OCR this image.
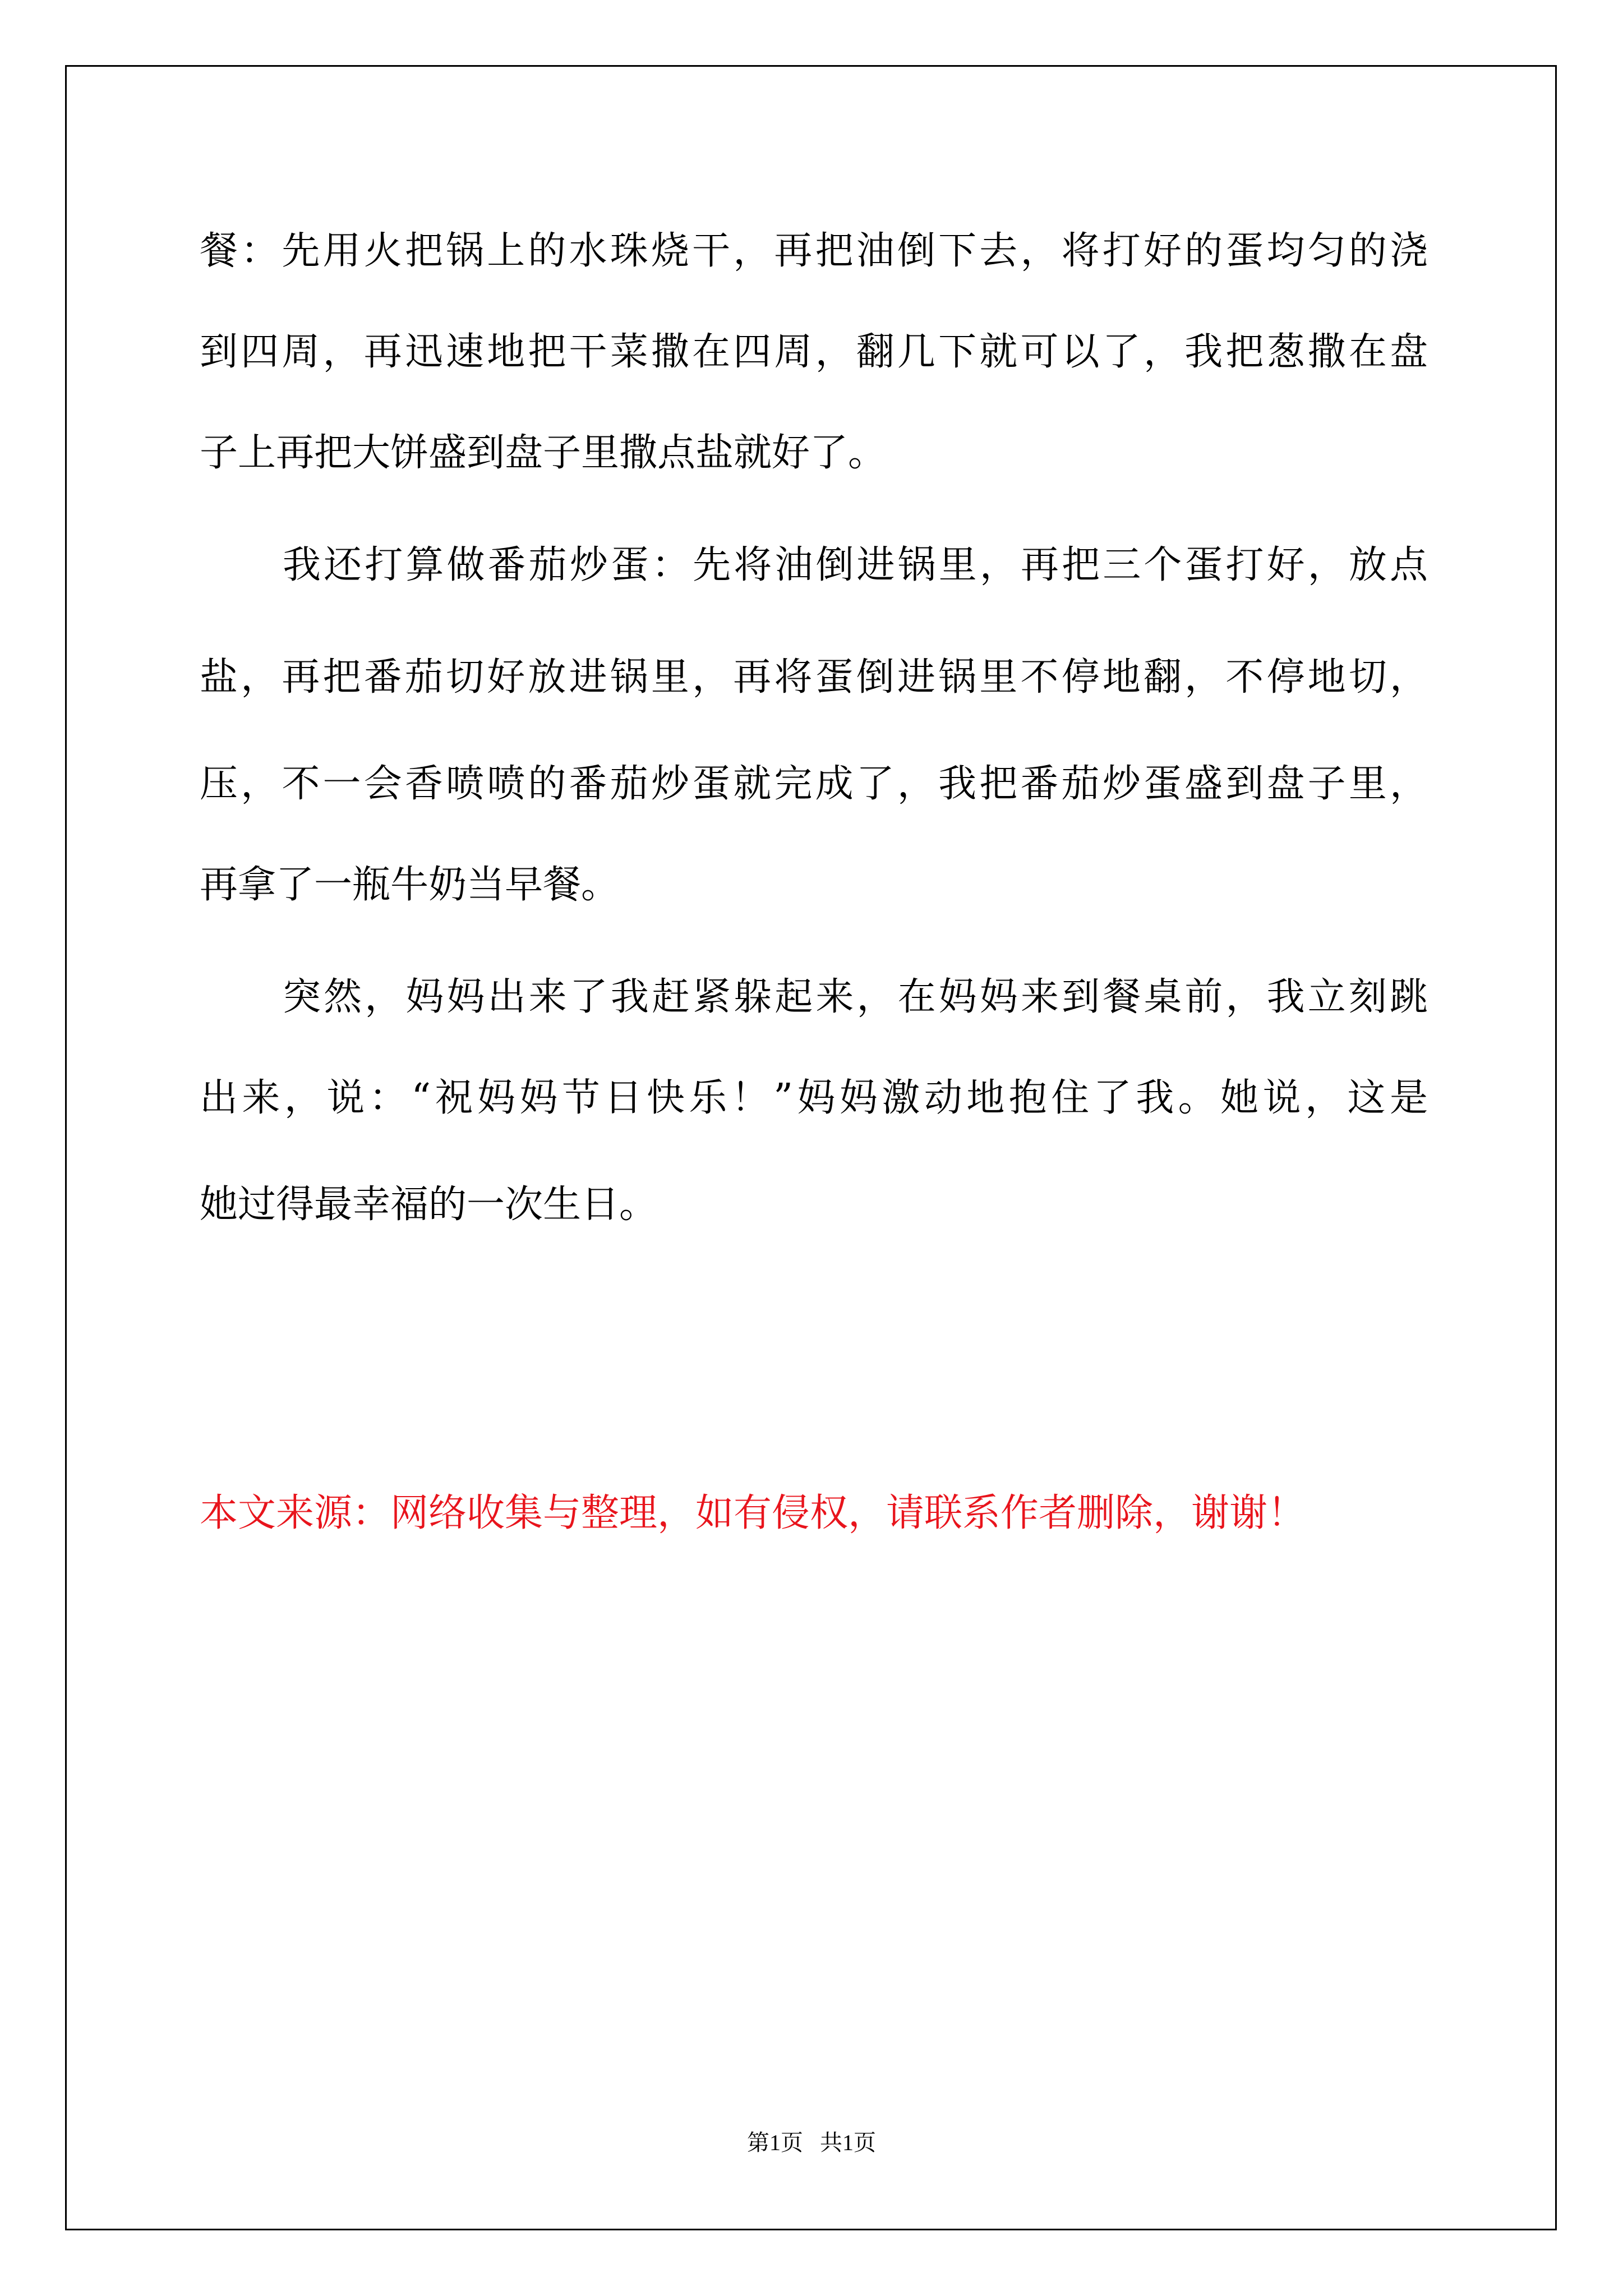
餐：先用火把锅上的水珠烧干，再把油倒下去，将打好的蛋均匀的浇
到四周，再迅速地把干菜撒在四周，翻几下就可以了，我把葱撒在盘
子上再把大饼盛到盘子里撒点盐就好了。
我还打算做番茄炒蛋：先将油倒进锅里，再把三个蛋打好，放点
盐，再把番茄切好放进锅里，再将蛋倒进锅里不停地翻，不停地切，
压，不一会香喷喷的番茄炒蛋就完成了，我把番茄炒蛋盛到盘子里，
再拿了一瓶牛奶当早餐。
突然，妈妈出来了我赶紧躲起来，在妈妈来到餐桌前，我立刻跳
出来，说：“祝妈妈节日快乐！”妈妈激动地抱住了我。她说，这是
她过得最幸福的一次生日。
本文来源：网络收集与整理，如有侵权，请联系作者删除，谢谢！
第1页 共1页
